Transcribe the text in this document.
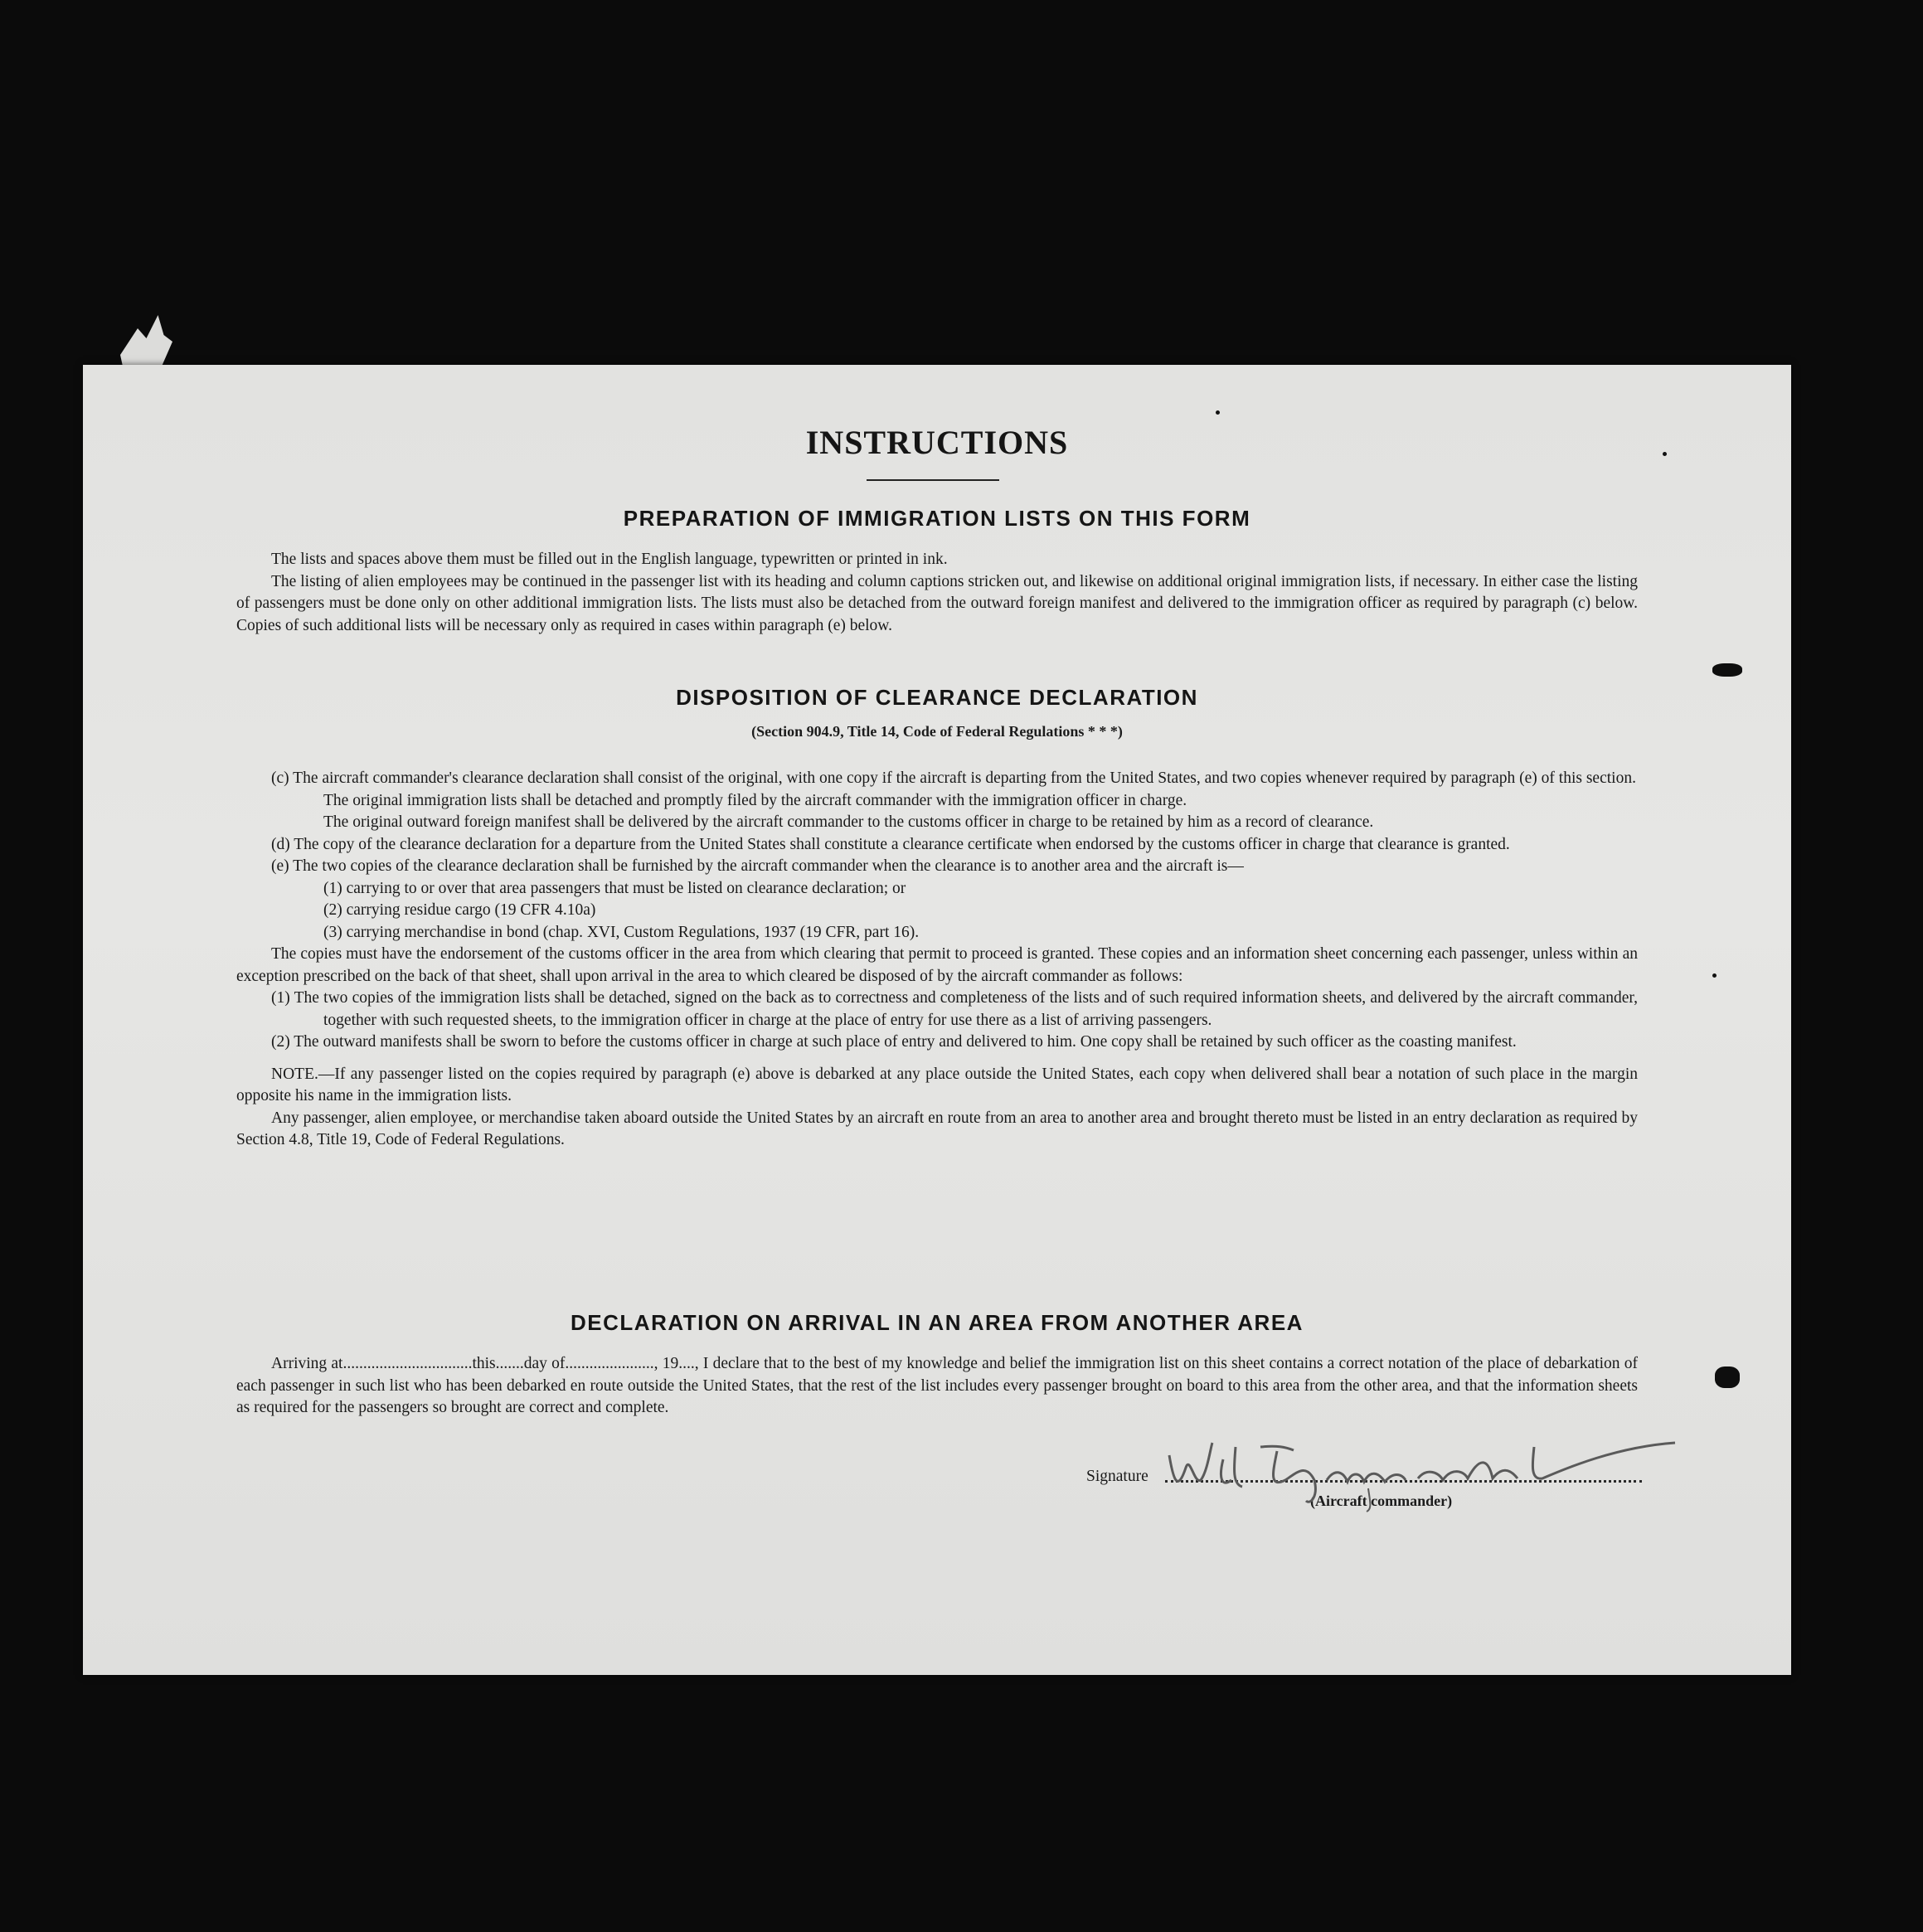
INSTRUCTIONS
PREPARATION OF IMMIGRATION LISTS ON THIS FORM

The lists and spaces above them must be filled out in the English language, typewritten or printed in ink.

The listing of alien employees may be continued in the passenger list with its heading and column captions stricken out, and likewise on additional original immigration lists, if necessary. In either case the listing of passengers must be done only on other additional immigration lists. The lists must also be detached from the outward foreign manifest and delivered to the immigration officer as required by paragraph (c) below. Copies of such additional lists will be necessary only as required in cases within paragraph (e) below.

DISPOSITION OF CLEARANCE DECLARATION
(Section 904.9, Title 14, Code of Federal Regulations * * *)

(c) The aircraft commander's clearance declaration shall consist of the original, with one copy if the aircraft is departing from the United States, and two copies whenever required by paragraph (e) of this section.

The original immigration lists shall be detached and promptly filed by the aircraft commander with the immigration officer in charge.

The original outward foreign manifest shall be delivered by the aircraft commander to the customs officer in charge to be retained by him as a record of clearance.

(d) The copy of the clearance declaration for a departure from the United States shall constitute a clearance certificate when endorsed by the customs officer in charge that clearance is granted.

(e) The two copies of the clearance declaration shall be furnished by the aircraft commander when the clearance is to another area and the aircraft is—

(1) carrying to or over that area passengers that must be listed on clearance declaration; or

(2) carrying residue cargo (19 CFR 4.10a)

(3) carrying merchandise in bond (chap. XVI, Custom Regulations, 1937 (19 CFR, part 16).

The copies must have the endorsement of the customs officer in the area from which clearing that permit to proceed is granted. These copies and an information sheet concerning each passenger, unless within an exception prescribed on the back of that sheet, shall upon arrival in the area to which cleared be disposed of by the aircraft commander as follows:

(1) The two copies of the immigration lists shall be detached, signed on the back as to correctness and completeness of the lists and of such required information sheets, and delivered by the aircraft commander, together with such requested sheets, to the immigration officer in charge at the place of entry for use there as a list of arriving passengers.

(2) The outward manifests shall be sworn to before the customs officer in charge at such place of entry and delivered to him. One copy shall be retained by such officer as the coasting manifest.

NOTE.—If any passenger listed on the copies required by paragraph (e) above is debarked at any place outside the United States, each copy when delivered shall bear a notation of such place in the margin opposite his name in the immigration lists.

Any passenger, alien employee, or merchandise taken aboard outside the United States by an aircraft en route from an area to another area and brought thereto must be listed in an entry declaration as required by Section 4.8, Title 19, Code of Federal Regulations.

DECLARATION ON ARRIVAL IN AN AREA FROM ANOTHER AREA

Arriving at................................this.......day of......................, 19...., I declare that to the best of my knowledge and belief the immigration list on this sheet contains a correct notation of the place of debarkation of each passenger in such list who has been debarked en route outside the United States, that the rest of the list includes every passenger brought on board to this area from the other area, and that the information sheets as required for the passengers so brought are correct and complete.

Signature
(Aircraft commander)
